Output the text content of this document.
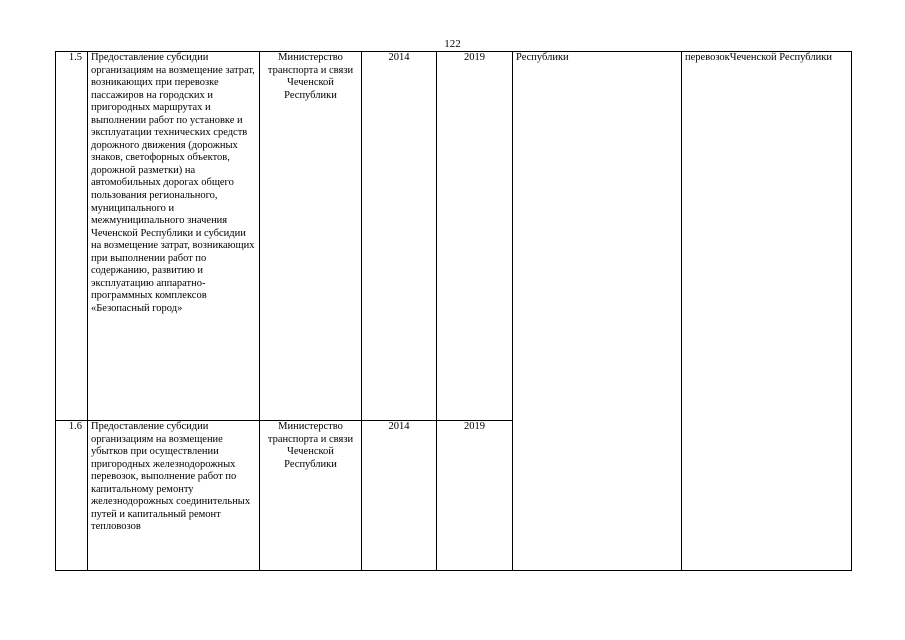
122
1.5	Предоставление субсидии организациям на возмещение затрат, возникающих при перевозке пассажиров на городских и пригородных маршрутах и выполнении работ по установке и эксплуатации технических средств дорожного движения (дорожных знаков, светофорных объектов, дорожной разметки) на автомобильных дорогах общего пользования регионального, муниципального и межмуниципального значения Чеченской Республики и субсидии на возмещение затрат, возникающих при выполнении работ по содержанию, развитию и эксплуатацию аппаратно-программных комплексов «Безопасный город»	Министерство транспорта и связи Чеченской Республики	2014	2019	Республики	перевозокЧеченской Республики
1.6	Предоставление субсидии организациям на возмещение убытков при осуществлении пригородных железнодорожных перевозок, выполнение работ по капитальному ремонту железнодорожных соединительных путей и капитальный ремонт тепловозов	Министерство транспорта и связи Чеченской Республики	2014	2019		
